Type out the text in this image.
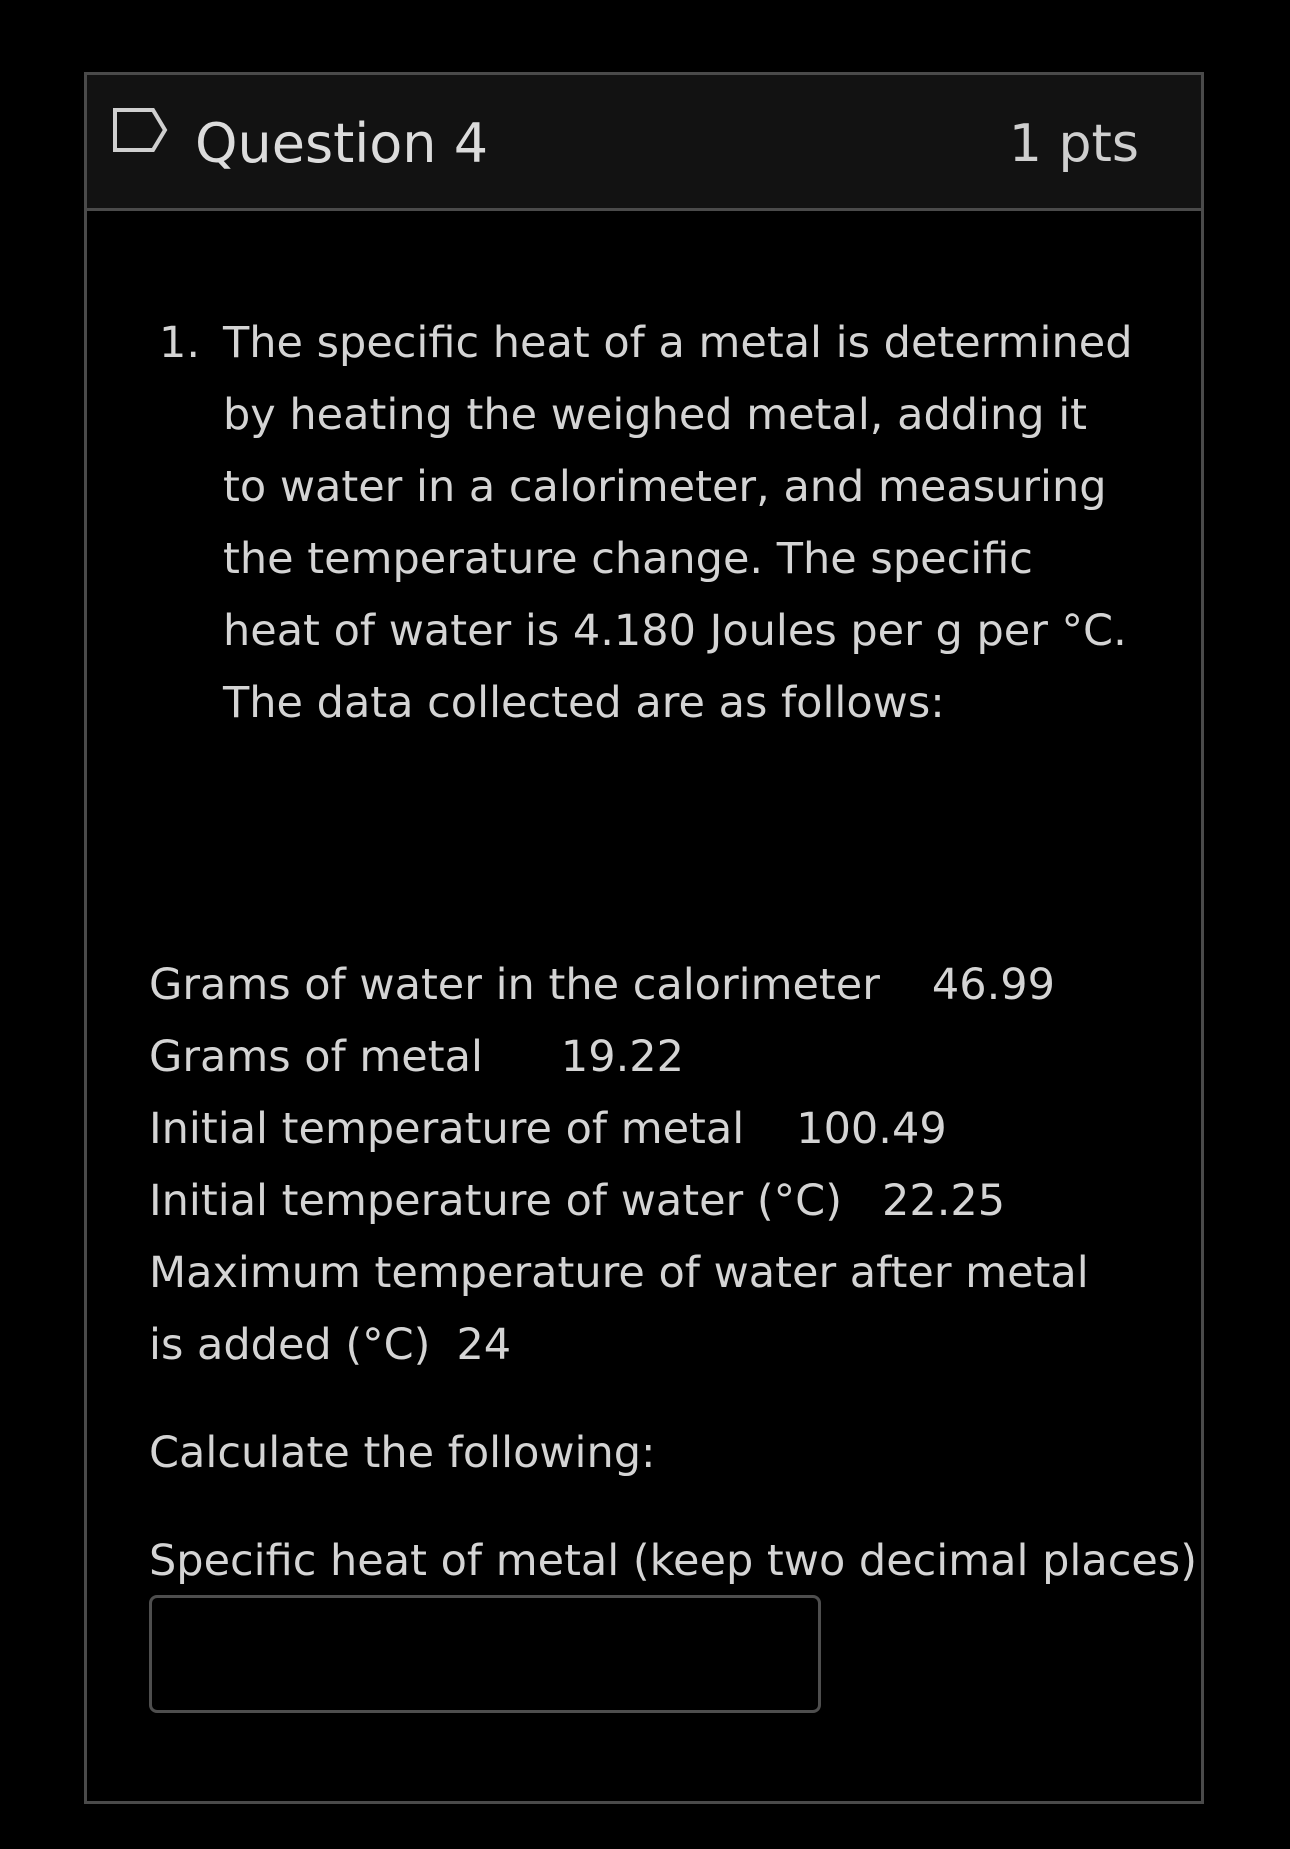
Question 4	1 pts
1. The specific heat of a metal is determined by heating the weighed metal, adding it to water in a calorimeter, and measuring the temperature change. The specific heat of water is 4.180 Joules per g per °C. The data collected are as follows:
Grams of water in the calorimeter 46.99
Grams of metal 19.22
Initial temperature of metal 100.49
Initial temperature of water (°C) 22.25
Maximum temperature of water after metal is added (°C) 24
Calculate the following:
Specific heat of metal (keep two decimal places)
